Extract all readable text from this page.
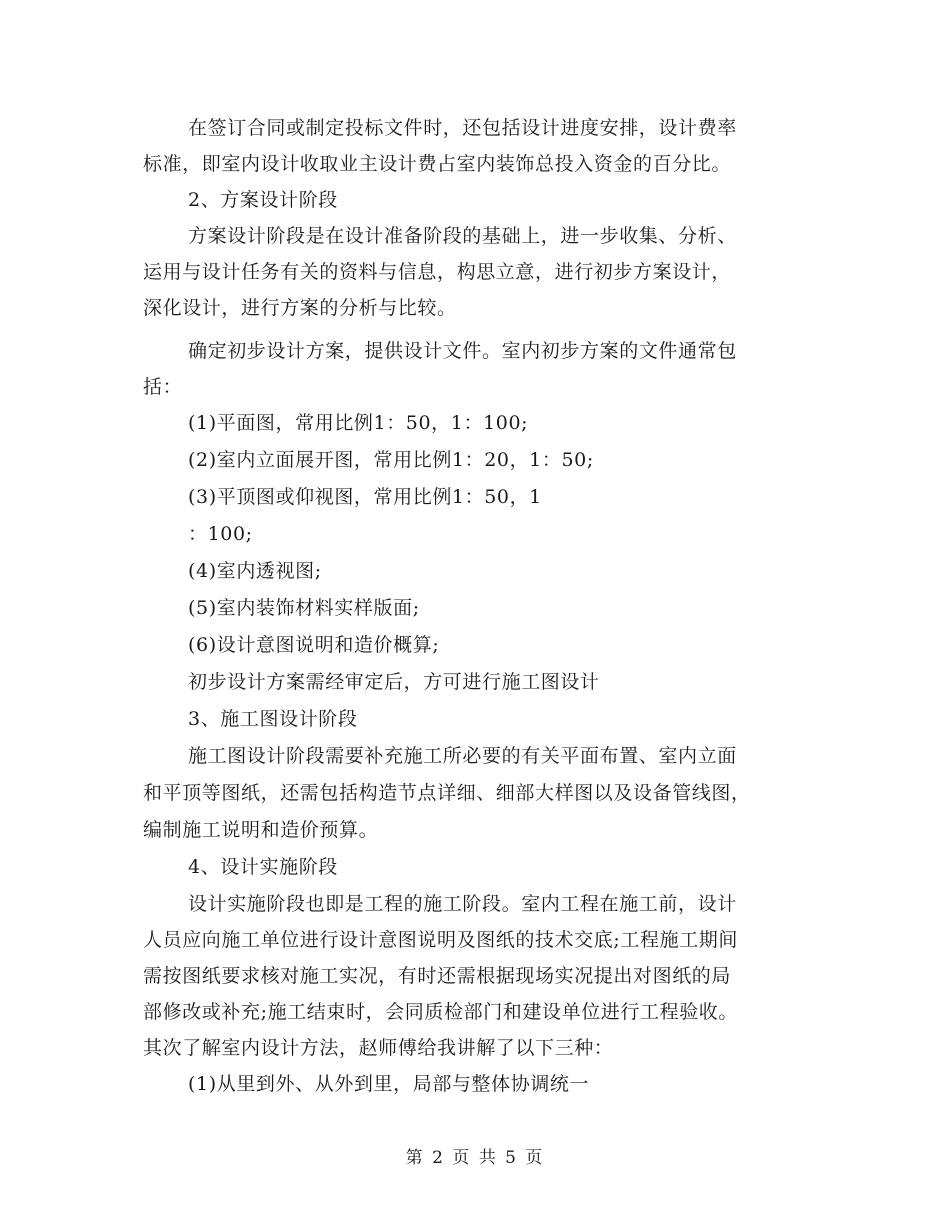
在签订合同或制定投标文件时，还包括设计进度安排，设计费率
标准，即室内设计收取业主设计费占室内装饰总投入资金的百分比。
2、方案设计阶段
方案设计阶段是在设计准备阶段的基础上，进一步收集、分析、
运用与设计任务有关的资料与信息，构思立意，进行初步方案设计，
深化设计，进行方案的分析与比较。
确定初步设计方案，提供设计文件。室内初步方案的文件通常包
括：
(1)平面图，常用比例1：50，1：100;
(2)室内立面展开图，常用比例1：20，1：50;
(3)平顶图或仰视图，常用比例1：50，1
：100;
(4)室内透视图;
(5)室内装饰材料实样版面;
(6)设计意图说明和造价概算;
初步设计方案需经审定后，方可进行施工图设计
3、施工图设计阶段
施工图设计阶段需要补充施工所必要的有关平面布置、室内立面
和平顶等图纸，还需包括构造节点详细、细部大样图以及设备管线图，
编制施工说明和造价预算。
4、设计实施阶段
设计实施阶段也即是工程的施工阶段。室内工程在施工前，设计
人员应向施工单位进行设计意图说明及图纸的技术交底;工程施工期间
需按图纸要求核对施工实况，有时还需根据现场实况提出对图纸的局
部修改或补充;施工结束时，会同质检部门和建设单位进行工程验收。
其次了解室内设计方法，赵师傅给我讲解了以下三种：
(1)从里到外、从外到里，局部与整体协调统一
第 2 页 共 5 页
